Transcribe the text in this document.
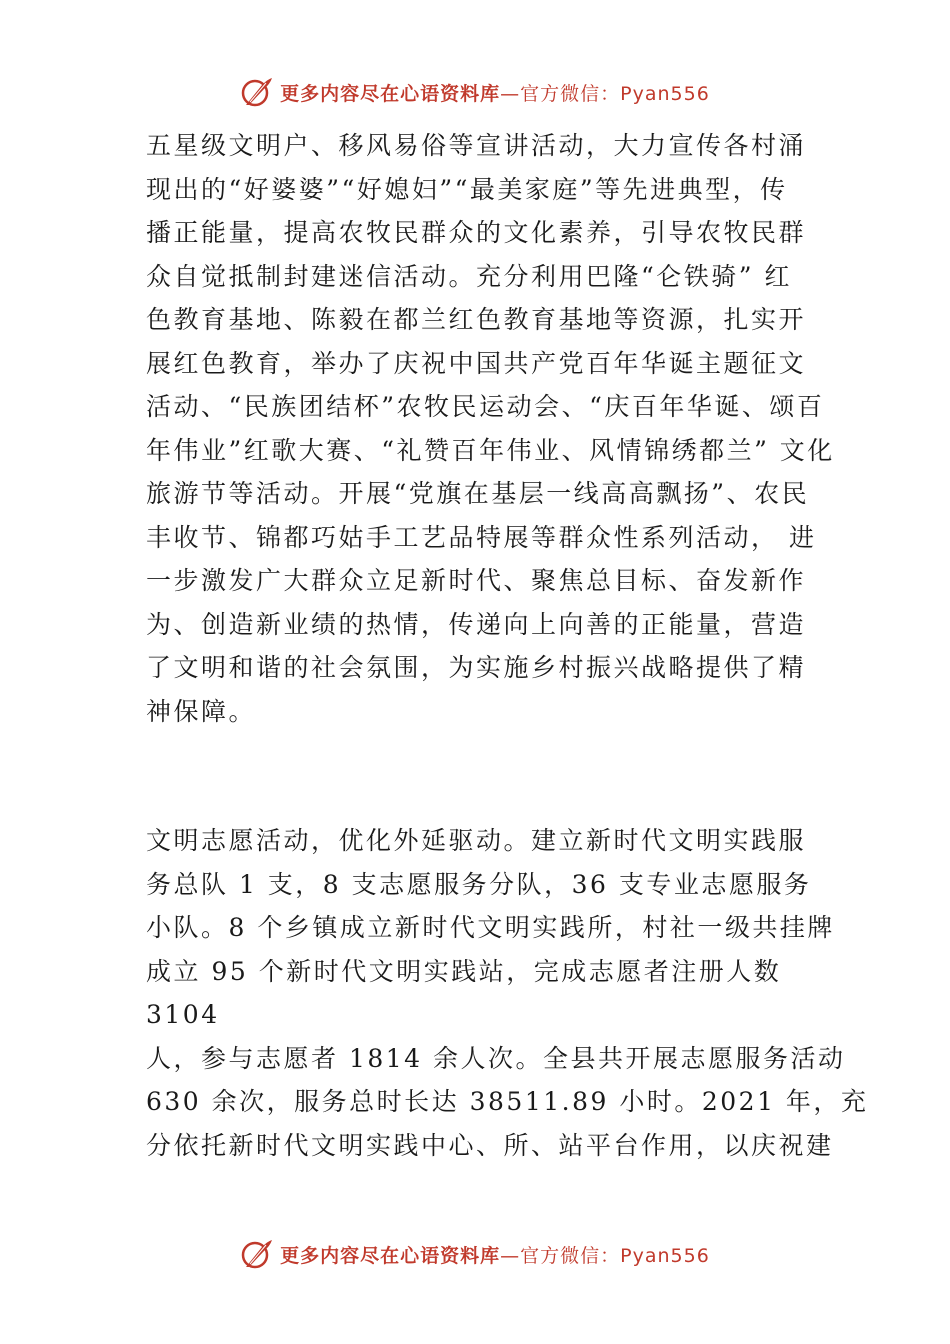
更多内容尽在心语资料库—官方微信：Pyan556
五星级文明户、移风易俗等宣讲活动，大力宣传各村涌
现出的“好婆婆”“好媳妇”“最美家庭”等先进典型，传
播正能量，提高农牧民群众的文化素养，引导农牧民群
众自觉抵制封建迷信活动。充分利用巴隆“仑铁骑” 红
色教育基地、陈毅在都兰红色教育基地等资源，扎实开
展红色教育，举办了庆祝中国共产党百年华诞主题征文
活动、“民族团结杯”农牧民运动会、“庆百年华诞、颂百
年伟业”红歌大赛、“礼赞百年伟业、风情锦绣都兰” 文化
旅游节等活动。开展“党旗在基层一线高高飘扬”、农民
丰收节、锦都巧姑手工艺品特展等群众性系列活动， 进
一步激发广大群众立足新时代、聚焦总目标、奋发新作
为、创造新业绩的热情，传递向上向善的正能量，营造
了文明和谐的社会氛围，为实施乡村振兴战略提供了精
神保障。
文明志愿活动，优化外延驱动。建立新时代文明实践服
务总队 1 支，8 支志愿服务分队，36 支专业志愿服务
小队。8 个乡镇成立新时代文明实践所，村社一级共挂牌
成立 95 个新时代文明实践站，完成志愿者注册人数
3104
人，参与志愿者 1814 余人次。全县共开展志愿服务活动
630 余次，服务总时长达 38511.89 小时。2021 年，充
分依托新时代文明实践中心、所、站平台作用，以庆祝建
更多内容尽在心语资料库—官方微信：Pyan556
